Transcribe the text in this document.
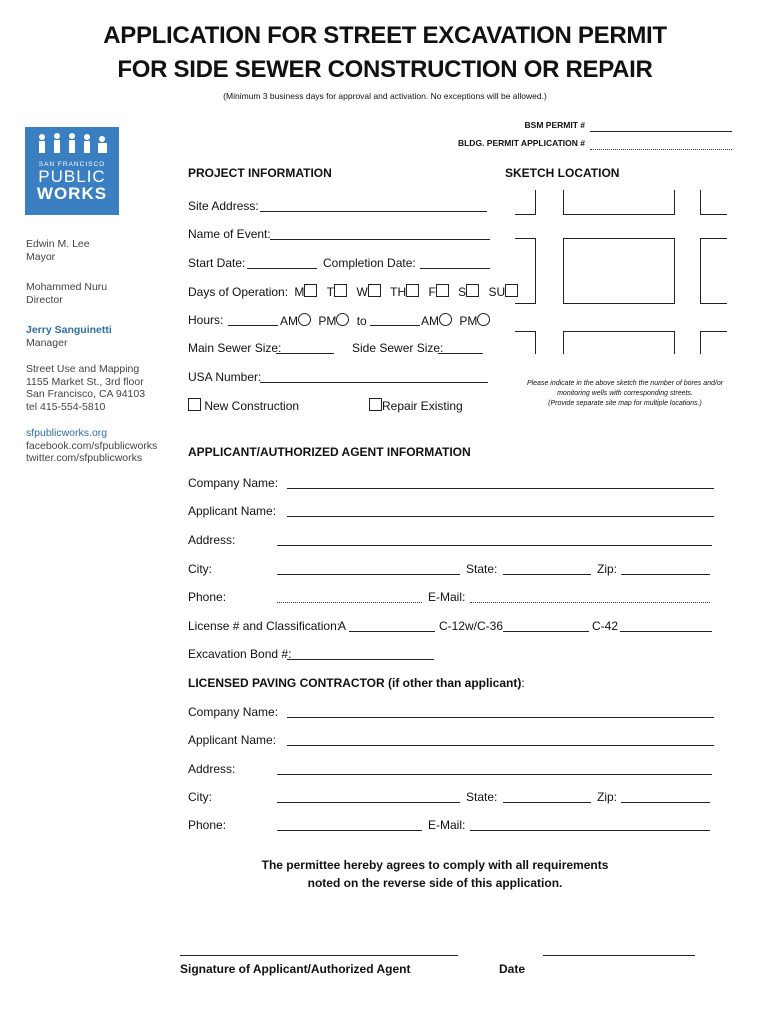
APPLICATION FOR STREET EXCAVATION PERMIT
FOR SIDE SEWER CONSTRUCTION OR REPAIR
(Minimum 3 business days for approval and activation. No exceptions will be allowed.)
BSM PERMIT #
BLDG. PERMIT APPLICATION #
SAN FRANCISCO
PUBLIC
WORKS
Edwin M. Lee
Mayor
Mohammed Nuru
Director
Jerry Sanguinetti
Manager
Street Use and Mapping
1155 Market St., 3rd floor
San Francisco, CA 94103
tel 415-554-5810
sfpublicworks.org
facebook.com/sfpublicworks
twitter.com/sfpublicworks
PROJECT INFORMATION	SKETCH LOCATION
Site Address:
Name of Event:
Start Date:	Completion Date:
Days of Operation: M T W TH F S SU
Hours:	AM PM to	AM PM
Main Sewer Size:	Side Sewer Size:
USA Number:
New Construction	Repair Existing
Please indicate in the above sketch the number of bores and/or
monitoring wells with corresponding streets.
(Provide separate site map for multiple locations.)
APPLICANT/AUTHORIZED AGENT INFORMATION
Company Name:
Applicant Name:
Address:
City:	State:	Zip:
Phone:	E-Mail:
License # and Classification:
A	C-12w/C-36	C-42
Excavation Bond #:
LICENSED PAVING CONTRACTOR (if other than applicant):
Company Name:
Applicant Name:
Address:
City:	State:	Zip:
Phone:	E-Mail:
The permittee hereby agrees to comply with all requirements
noted on the reverse side of this application.
Signature of Applicant/Authorized Agent	Date
